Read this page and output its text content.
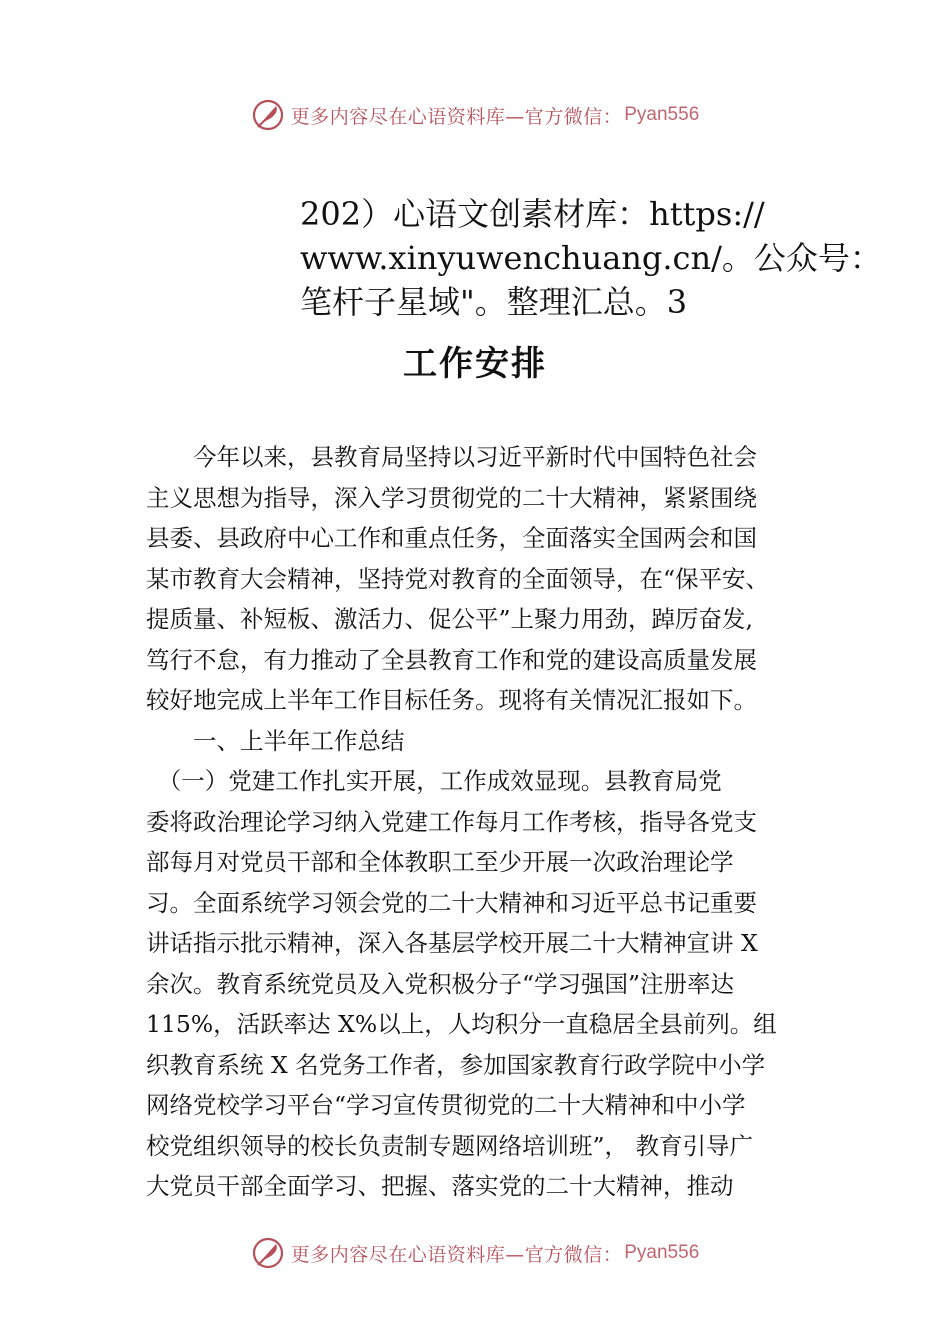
更多内容尽在心语资料库—官方微信： Pyan556
202）心语文创素材库：https://
www.xinyuwenchuang.cn/。公众号：
笔杆子星域"。整理汇总。3
工作安排
　　今年以来，县教育局坚持以习近平新时代中国特色社会
主义思想为指导，深入学习贯彻党的二十大精神，紧紧围绕
县委、县政府中心工作和重点任务，全面落实全国两会和国
某市教育大会精神，坚持党对教育的全面领导，在“保平安、
提质量、补短板、激活力、促公平”上聚力用劲，踔厉奋发,
笃行不怠，有力推动了全县教育工作和党的建设高质量发展
较好地完成上半年工作目标任务。现将有关情况汇报如下。
　　一、上半年工作总结
　（一）党建工作扎实开展，工作成效显现。县教育局党
委将政治理论学习纳入党建工作每月工作考核，指导各党支
部每月对党员干部和全体教职工至少开展一次政治理论学
习。全面系统学习领会党的二十大精神和习近平总书记重要
讲话指示批示精神，深入各基层学校开展二十大精神宣讲 X
余次。教育系统党员及入党积极分子“学习强国”注册率达
115%，活跃率达 X%以上，人均积分一直稳居全县前列。组
织教育系统 X 名党务工作者，参加国家教育行政学院中小学
网络党校学习平台“学习宣传贯彻党的二十大精神和中小学
校党组织领导的校长负责制专题网络培训班”， 教育引导广
大党员干部全面学习、把握、落实党的二十大精神，推动
更多内容尽在心语资料库—官方微信： Pyan556
